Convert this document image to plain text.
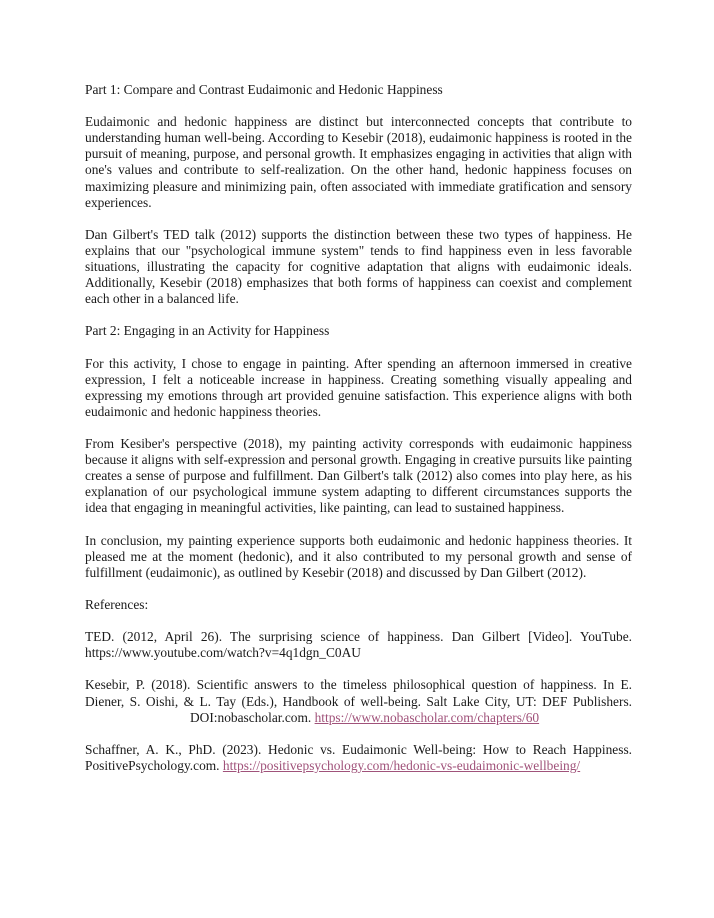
Part 1: Compare and Contrast Eudaimonic and Hedonic Happiness

Eudaimonic and hedonic happiness are distinct but interconnected concepts that contribute to understanding human well-being. According to Kesebir (2018), eudaimonic happiness is rooted in the pursuit of meaning, purpose, and personal growth. It emphasizes engaging in activities that align with one's values and contribute to self-realization. On the other hand, hedonic happiness focuses on maximizing pleasure and minimizing pain, often associated with immediate gratification and sensory experiences.

Dan Gilbert's TED talk (2012) supports the distinction between these two types of happiness. He explains that our "psychological immune system" tends to find happiness even in less favorable situations, illustrating the capacity for cognitive adaptation that aligns with eudaimonic ideals. Additionally, Kesebir (2018) emphasizes that both forms of happiness can coexist and complement each other in a balanced life.

Part 2: Engaging in an Activity for Happiness

For this activity, I chose to engage in painting. After spending an afternoon immersed in creative expression, I felt a noticeable increase in happiness. Creating something visually appealing and expressing my emotions through art provided genuine satisfaction. This experience aligns with both eudaimonic and hedonic happiness theories.

From Kesiber's perspective (2018), my painting activity corresponds with eudaimonic happiness because it aligns with self-expression and personal growth. Engaging in creative pursuits like painting creates a sense of purpose and fulfillment. Dan Gilbert's talk (2012) also comes into play here, as his explanation of our psychological immune system adapting to different circumstances supports the idea that engaging in meaningful activities, like painting, can lead to sustained happiness.

In conclusion, my painting experience supports both eudaimonic and hedonic happiness theories. It pleased me at the moment (hedonic), and it also contributed to my personal growth and sense of fulfillment (eudaimonic), as outlined by Kesebir (2018) and discussed by Dan Gilbert (2012).

References:

TED. (2012, April 26). The surprising science of happiness. Dan Gilbert [Video]. YouTube. https://www.youtube.com/watch?v=4q1dgn_C0AU

Kesebir, P. (2018). Scientific answers to the timeless philosophical question of happiness. In E. Diener, S. Oishi, & L. Tay (Eds.), Handbook of well-being. Salt Lake City, UT: DEF Publishers.DOI:nobascholar.com. https://www.nobascholar.com/chapters/60

Schaffner, A. K., PhD. (2023). Hedonic vs. Eudaimonic Well-being: How to Reach Happiness. PositivePsychology.com. https://positivepsychology.com/hedonic-vs-eudaimonic-wellbeing/
